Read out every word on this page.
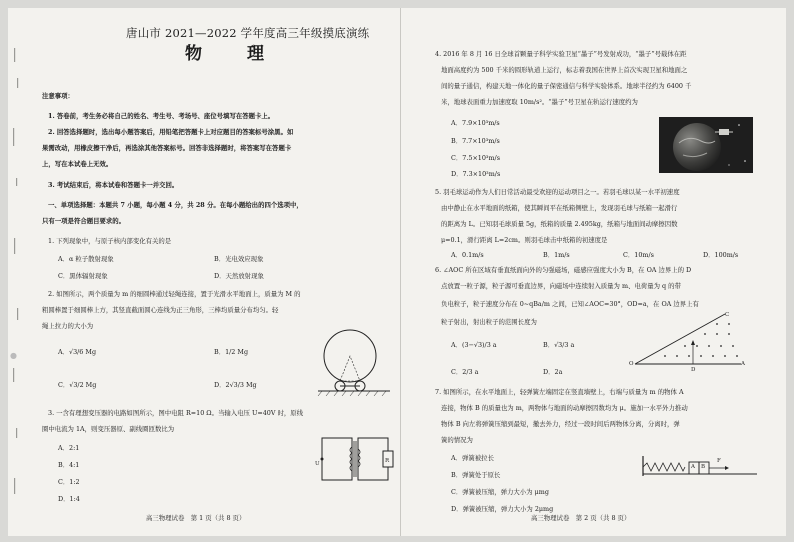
●
唐山市 2021—2022 学年度高三年级摸底演练
物　理
注意事项：
1. 答卷前，考生务必将自己的姓名、考生号、考场号、座位号填写在答题卡上。
2. 回答选择题时，选出每小题答案后，用铅笔把答题卡上对应题目的答案标号涂黑。如
果需改动，用橡皮擦干净后，再选涂其他答案标号。回答非选择题时，将答案写在答题卡
上，写在本试卷上无效。
3. 考试结束后，将本试卷和答题卡一并交回。
一、单项选择题：本题共 7 小题，每小题 4 分，共 28 分。在每小题给出的四个选项中，
只有一项是符合题目要求的。
1. 下列现象中，与原子核内部变化有关的是
A．α 粒子散射现象	B．光电效应现象
C．黑体辐射现象	D．天然放射现象
2. 如图所示，两个质量为 m 的细圆棒通过轻绳连接，置于光滑水平地面上，质量为 M 的
粗圆棒置于细圆棒上方，其竖直截面圆心连线为正三角形，三棒均质量分布均匀。轻
绳上拉力的大小为
A．√3/6 Mg	B．1/2 Mg
C．√3/2 Mg	D．2√3/3 Mg
3. 一含有理想变压器的电路如图所示，图中电阻 R=10 Ω。当输入电压 U=40V 时，原线
圈中电流为 1A，则变压器原、副线圈匝数比为
A．2:1
B．4:1
C．1:2
D．1:4
U	R
高三物理试卷　第 1 页（共 8 页）
4. 2016 年 8 月 16 日全球首颗量子科学实验卫星“墨子”号发射成功，“墨子”号载体在距
地面高度约为 500 千米的圆形轨道上运行，标志着我国在世界上首次实现卫星和地面之
间的量子通信，构建天地一体化的量子保密通信与科学实验体系。地球半径约为 6400 千
米，地球表面重力加速度取 10m/s²。“墨子”号卫星在轨运行速度约为
A．7.9×10³m/s
B．7.7×10³m/s
C．7.5×10³m/s
D．7.3×10³m/s
5. 羽毛球运动作为人们日常活动最受欢迎的运动项目之一。若羽毛球以某一水平初速度
由中静止在水平地面的纸箱，使其瞬间平在纸箱侧壁上，发现羽毛球与纸箱一起滑行
的距离为 L。已知羽毛球质量 5g，纸箱的质量 2.495kg，纸箱与地面间动摩擦因数
μ=0.1，滑行距离 L=2cm。则羽毛球击中纸箱的初速度是
A．0.1m/s	B．1m/s	C．10m/s	D．100m/s
6. ∠AOC 所在区域有垂直纸面向外的匀强磁场，磁感应强度大小为 B，在 OA 边界上的 D
点放置一粒子源，粒子源可垂直边界，向磁场中连续射入质量为 m、电荷量为 q 的带
负电粒子，粒子速度分布在 0~qBa/m 之间，已知∠AOC=30°，OD=a，在 OA 边界上有
粒子射出，射出粒子的范围长度为
A．(3−√3)/3 a	B．√3/3 a
C．2/3 a	D．2a
C
O
D
A
7. 如图所示，在水平地面上，轻弹簧左端固定在竖直墙壁上，右端与质量为 m 的物体 A
连接，物体 B 的质量也为 m，两物体与地面的动摩擦因数均为 μ。施加一水平外力推动
物体 B 向左将弹簧压缩到最短，撤去外力，经过一段时间后两物体分离，分离时，弹
簧的情况为
A．弹簧被拉长
B．弹簧处于原长
C．弹簧被压缩，弹力大小为 μmg
D．弹簧被压缩，弹力大小为 2μmg
A B
F
高三物理试卷　第 2 页（共 8 页）
